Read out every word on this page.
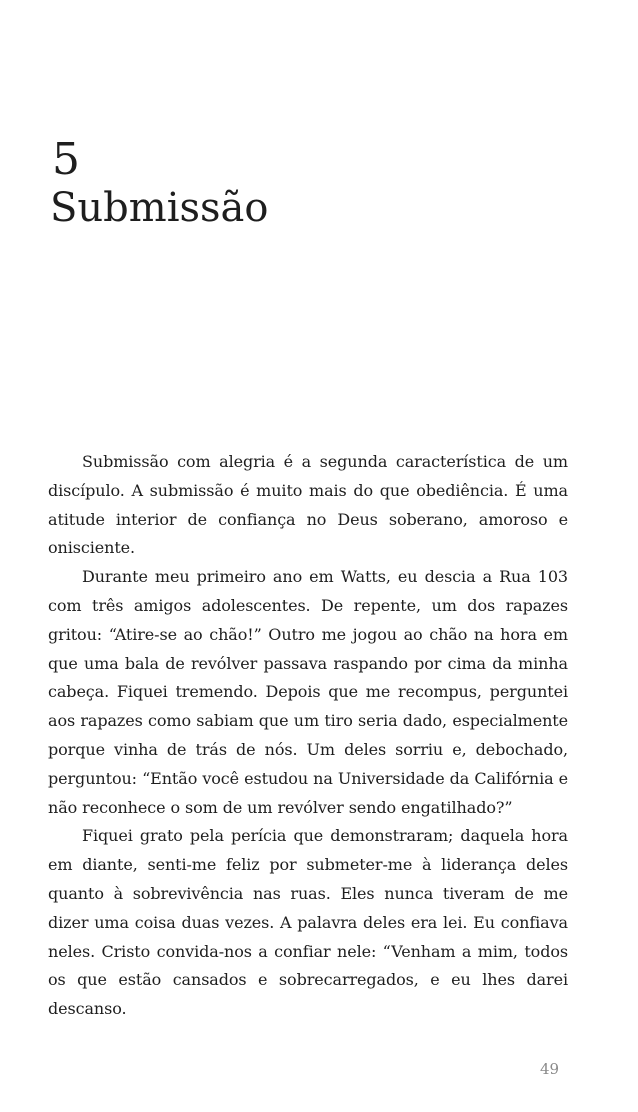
5
Submissão

Submissão com alegria é a segunda característica de um discípulo. A submissão é muito mais do que obediência. É uma atitude interior de confiança no Deus soberano, amoroso e onisciente.

Durante meu primeiro ano em Watts, eu descia a Rua 103 com três amigos adolescentes. De repente, um dos rapazes gritou: “Atire-se ao chão!” Outro me jogou ao chão na hora em que uma bala de revólver passava raspando por cima da minha cabeça. Fiquei tremendo. Depois que me recompus, perguntei aos rapazes como sabiam que um tiro seria dado, especialmente porque vinha de trás de nós. Um deles sorriu e, debochado, perguntou: “Então você estudou na Universidade da Califórnia e não reconhece o som de um revólver sendo engatilhado?”

Fiquei grato pela perícia que demonstraram; daquela hora em diante, senti-me feliz por submeter-me à liderança deles quanto à sobrevivência nas ruas. Eles nunca tiveram de me dizer uma coisa duas vezes. A palavra deles era lei. Eu confiava neles. Cristo convida-nos a confiar nele: “Venham a mim, todos os que estão cansados e sobrecarregados, e eu lhes darei descanso.

49
